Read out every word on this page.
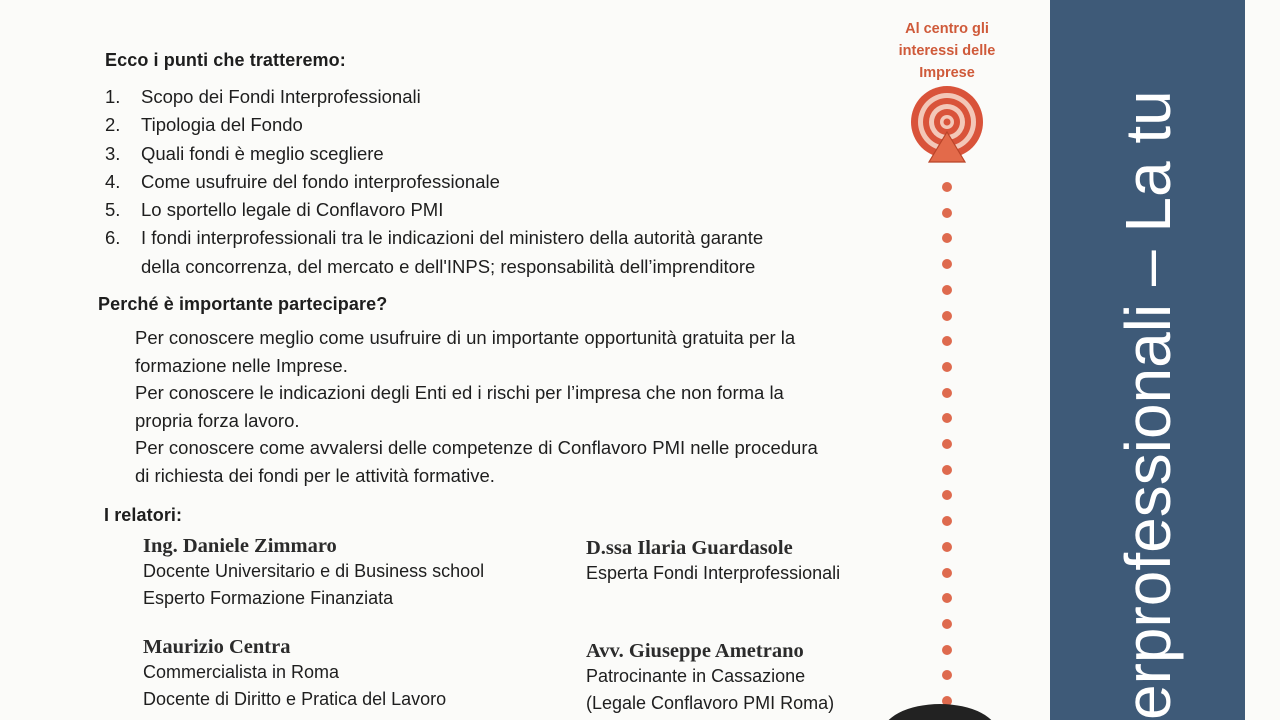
Ecco i punti che tratteremo:
1. Scopo dei Fondi Interprofessionali
2. Tipologia del Fondo
3. Quali fondi è meglio scegliere
4. Come usufruire del fondo interprofessionale
5. Lo sportello legale di Conflavoro PMI
6. I fondi interprofessionali tra le indicazioni del ministero della autorità garante
della concorrenza, del mercato e dell'INPS; responsabilità dell’imprenditore
Perché è importante partecipare?
Per conoscere meglio come usufruire di un importante opportunità gratuita per la
formazione nelle Imprese.
Per conoscere le indicazioni degli Enti ed i rischi per l’impresa che non forma la
propria forza lavoro.
Per conoscere come avvalersi delle competenze di Conflavoro PMI nelle procedura
di richiesta dei fondi per le attività formative.
I relatori:
Ing. Daniele Zimmaro
Docente Universitario e di Business school
Esperto Formazione Finanziata
D.ssa Ilaria Guardasole
Esperta Fondi Interprofessionali
Maurizio Centra
Commercialista in Roma
Docente di Diritto e Pratica del Lavoro
Avv. Giuseppe Ametrano
Patrocinante in Cassazione
(Legale Conflavoro PMI Roma)
Al centro gli
interessi delle
Imprese
erprofessionali – La tu
